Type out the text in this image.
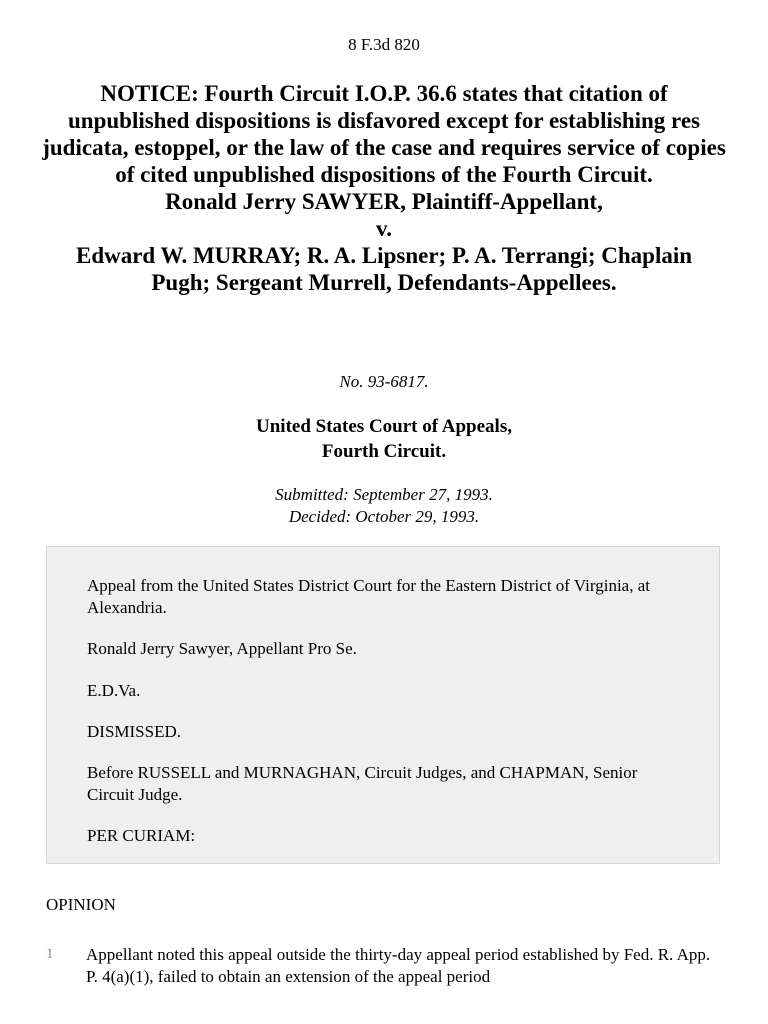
8 F.3d 820
NOTICE: Fourth Circuit I.O.P. 36.6 states that citation of unpublished dispositions is disfavored except for establishing res judicata, estoppel, or the law of the case and requires service of copies of cited unpublished dispositions of the Fourth Circuit.
Ronald Jerry SAWYER, Plaintiff-Appellant,
v.
Edward W. MURRAY; R. A. Lipsner; P. A. Terrangi; Chaplain
Pugh; Sergeant Murrell, Defendants-Appellees.
No. 93-6817.
United States Court of Appeals,
Fourth Circuit.
Submitted: September 27, 1993.
Decided: October 29, 1993.

Appeal from the United States District Court for the Eastern District of Virginia, at Alexandria.

Ronald Jerry Sawyer, Appellant Pro Se.

E.D.Va.

DISMISSED.

Before RUSSELL and MURNAGHAN, Circuit Judges, and CHAPMAN, Senior Circuit Judge.

PER CURIAM:

OPINION
1 Appellant noted this appeal outside the thirty-day appeal period established by Fed. R. App. P. 4(a)(1), failed to obtain an extension of the appeal period
